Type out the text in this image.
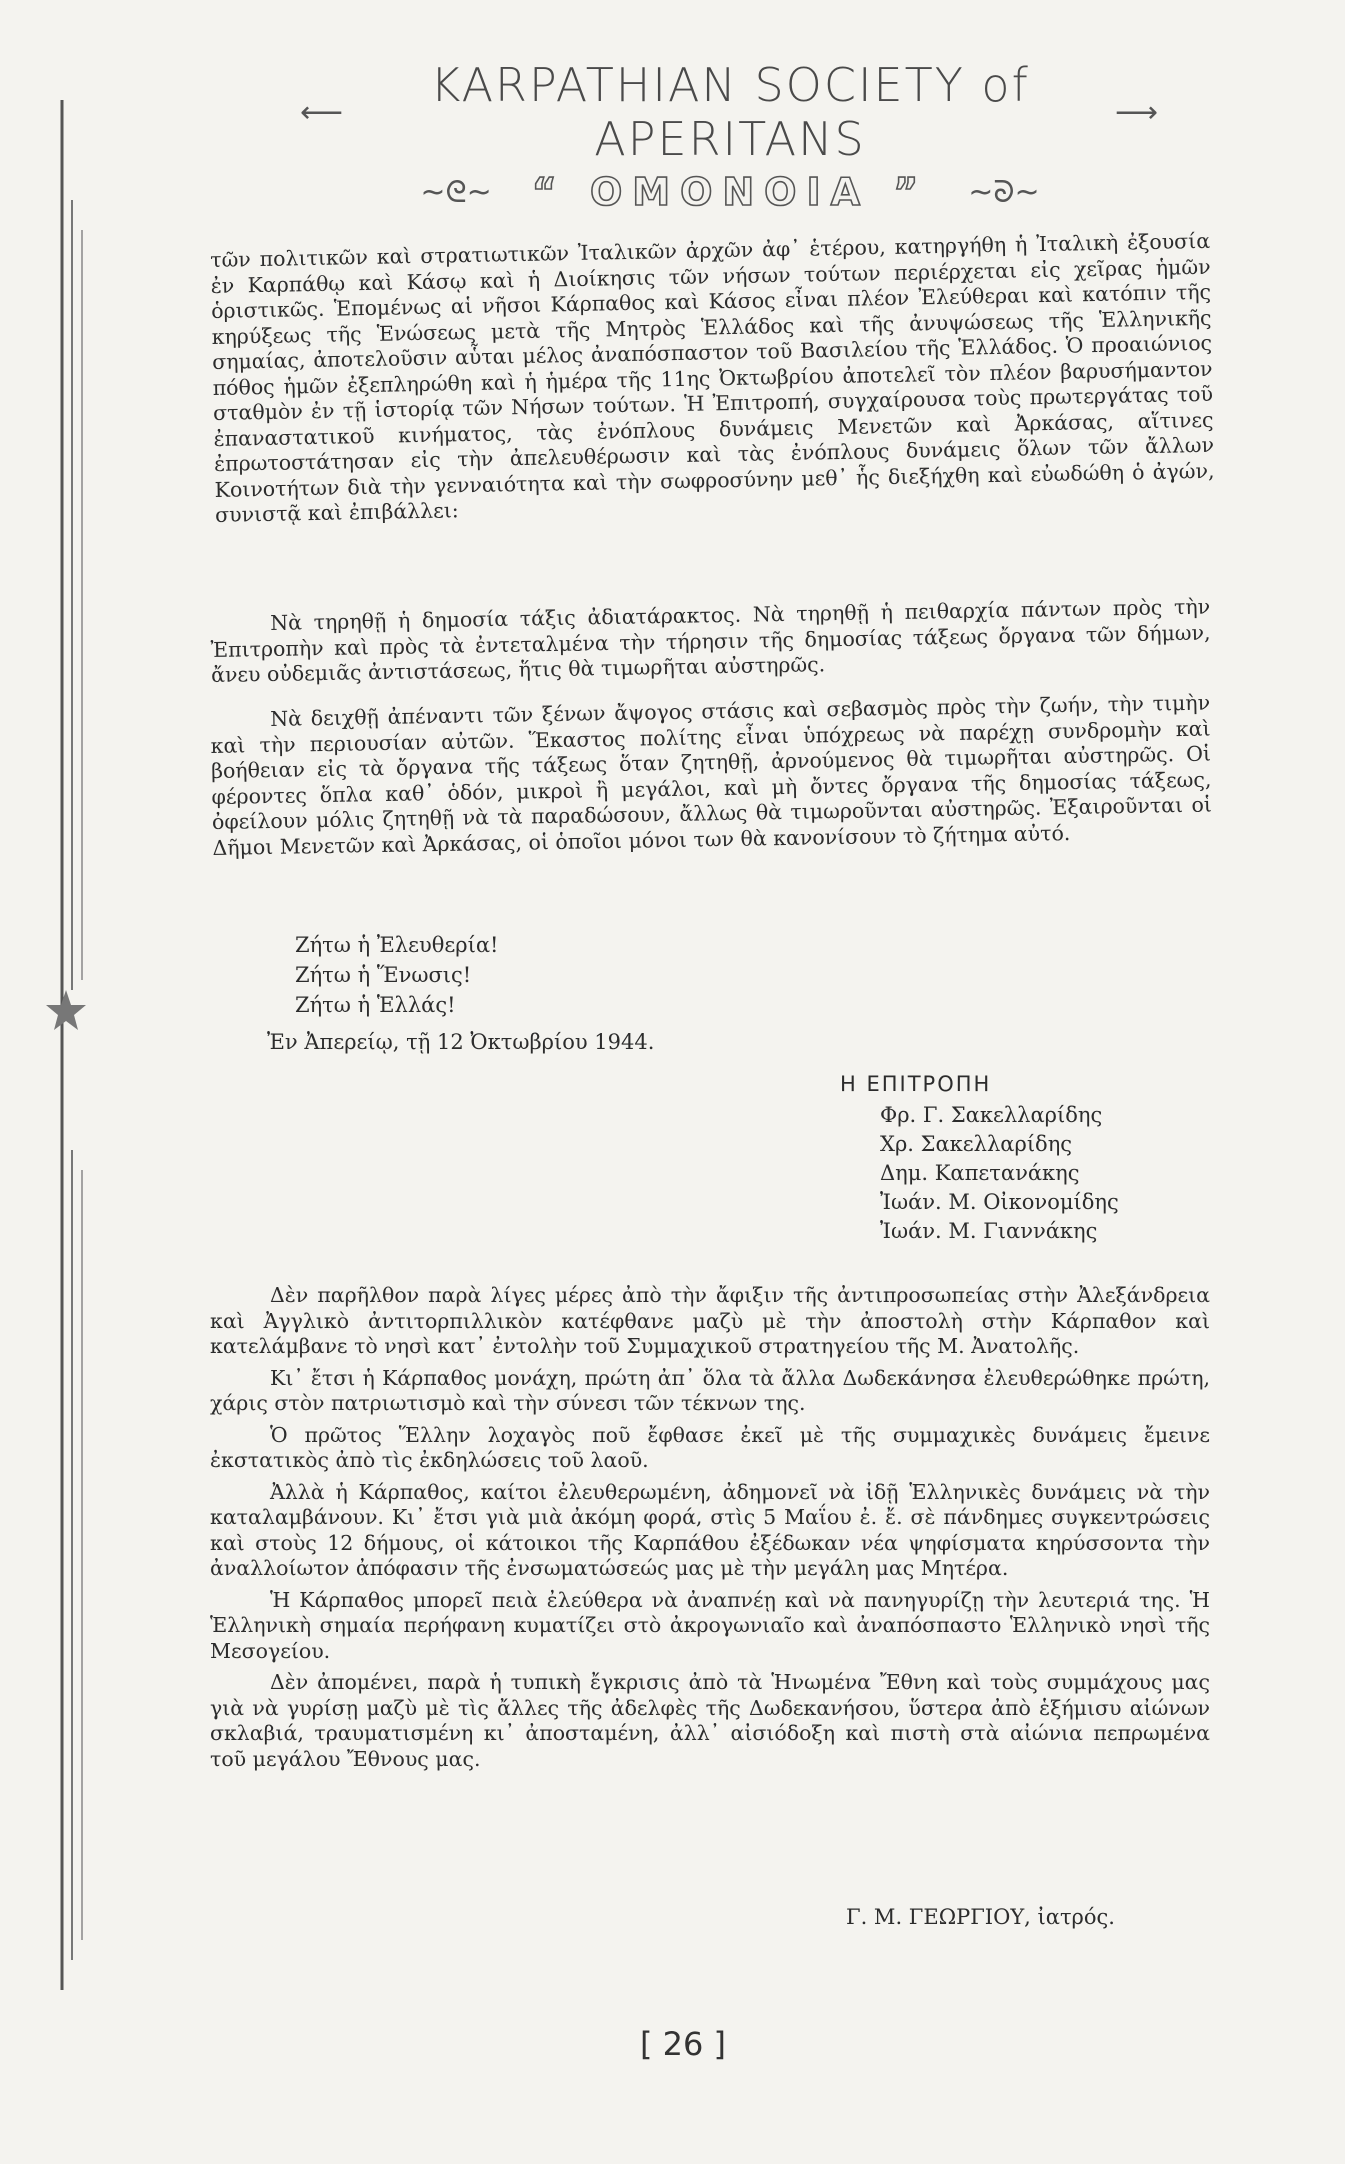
⟵	KARPATHIAN SOCIETY of APERITANS	⟶
~ᘓ~ “ ΟΜΟΝΟΙΑ ” ~ᘐ~

τῶν πολιτικῶν καὶ στρατιωτικῶν Ἰταλικῶν ἀρχῶν ἀφ᾽ ἑτέρου, κατηργήθη ἡ Ἰταλικὴ ἐξουσία ἐν Καρπάθῳ καὶ Κάσῳ καὶ ἡ Διοίκησις τῶν νήσων τούτων περιέρχεται εἰς χεῖρας ἡμῶν ὁριστικῶς. Ἑπομένως αἱ νῆσοι Κάρπαθος καὶ Κάσος εἶναι πλέον Ἐλεύθεραι καὶ κατόπιν τῆς κηρύξεως τῆς Ἑνώσεως μετὰ τῆς Μητρὸς Ἑλλάδος καὶ τῆς ἀνυψώσεως τῆς Ἑλληνικῆς σημαίας, ἀποτελοῦσιν αὗται μέλος ἀναπόσπαστον τοῦ Βασιλείου τῆς Ἑλλάδος. Ὁ προαιώνιος πόθος ἡμῶν ἐξεπληρώθη καὶ ἡ ἡμέρα τῆς 11ης Ὀκτωβρίου ἀποτελεῖ τὸν πλέον βαρυσήμαντον σταθμὸν ἐν τῇ ἱστορίᾳ τῶν Νήσων τούτων. Ἡ Ἐπιτροπή, συγχαίρουσα τοὺς πρωτεργάτας τοῦ ἐπαναστατικοῦ κινήματος, τὰς ἐνόπλους δυνάμεις Μενετῶν καὶ Ἀρκάσας, αἵτινες ἐπρωτοστάτησαν εἰς τὴν ἀπελευθέρωσιν καὶ τὰς ἐνόπλους δυνάμεις ὅλων τῶν ἄλλων Κοινοτήτων διὰ τὴν γενναιότητα καὶ τὴν σωφροσύνην μεθ᾽ ἧς διεξήχθη καὶ εὐωδώθη ὁ ἀγών, συνιστᾷ καὶ ἐπιβάλλει:

Νὰ τηρηθῇ ἡ δημοσία τάξις ἀδιατάρακτος. Νὰ τηρηθῇ ἡ πειθαρχία πάντων πρὸς τὴν Ἐπιτροπὴν καὶ πρὸς τὰ ἐντεταλμένα τὴν τήρησιν τῆς δημοσίας τάξεως ὄργανα τῶν δήμων, ἄνευ οὐδεμιᾶς ἀντιστάσεως, ἥτις θὰ τιμωρῆται αὐστηρῶς.

Νὰ δειχθῇ ἀπέναντι τῶν ξένων ἄψογος στάσις καὶ σεβασμὸς πρὸς τὴν ζωήν, τὴν τιμὴν καὶ τὴν περιουσίαν αὐτῶν. Ἕκαστος πολίτης εἶναι ὑπόχρεως νὰ παρέχῃ συνδρομὴν καὶ βοήθειαν εἰς τὰ ὄργανα τῆς τάξεως ὅταν ζητηθῇ, ἀρνούμενος θὰ τιμωρῆται αὐστηρῶς. Οἱ φέροντες ὅπλα καθ᾽ ὁδόν, μικροὶ ἢ μεγάλοι, καὶ μὴ ὄντες ὄργανα τῆς δημοσίας τάξεως, ὀφείλουν μόλις ζητηθῇ νὰ τὰ παραδώσουν, ἄλλως θὰ τιμωροῦνται αὐστηρῶς. Ἐξαιροῦνται οἱ Δῆμοι Μενετῶν καὶ Ἀρκάσας, οἱ ὁποῖοι μόνοι των θὰ κανονίσουν τὸ ζήτημα αὐτό.

Ζήτω ἡ Ἐλευθερία!
Ζήτω ἡ Ἕνωσις!
Ζήτω ἡ Ἑλλάς!
Ἐν Ἀπερείῳ, τῇ 12 Ὀκτωβρίου 1944.
Η ΕΠΙΤΡΟΠΗ
Φρ. Γ. Σακελλαρίδης
Χρ. Σακελλαρίδης
Δημ. Καπετανάκης
Ἰωάν. Μ. Οἰκονομίδης
Ἰωάν. Μ. Γιαννάκης

Δὲν παρῆλθον παρὰ λίγες μέρες ἀπὸ τὴν ἄφιξιν τῆς ἀντιπροσωπείας στὴν Ἀλεξάνδρεια καὶ Ἀγγλικὸ ἀντιτορπιλλικὸν κατέφθανε μαζὺ μὲ τὴν ἀποστολὴ στὴν Κάρπαθον καὶ κατελάμβανε τὸ νησὶ κατ᾽ ἐντολὴν τοῦ Συμμαχικοῦ στρατηγείου τῆς Μ. Ἀνατολῆς.

Κι᾽ ἔτσι ἡ Κάρπαθος μονάχη, πρώτη ἀπ᾽ ὅλα τὰ ἄλλα Δωδεκάνησα ἐλευθερώθηκε πρώτη, χάρις στὸν πατριωτισμὸ καὶ τὴν σύνεσι τῶν τέκνων της.

Ὁ πρῶτος Ἕλλην λοχαγὸς ποῦ ἔφθασε ἐκεῖ μὲ τῆς συμμαχικὲς δυνάμεις ἔμεινε ἐκστατικὸς ἀπὸ τὶς ἐκδηλώσεις τοῦ λαοῦ.

Ἀλλὰ ἡ Κάρπαθος, καίτοι ἐλευθερωμένη, ἀδημονεῖ νὰ ἰδῇ Ἑλληνικὲς δυνάμεις νὰ τὴν καταλαμβάνουν. Κι᾽ ἔτσι γιὰ μιὰ ἀκόμη φορά, στὶς 5 Μαΐου ἐ. ἔ. σὲ πάνδημες συγκεντρώσεις καὶ στοὺς 12 δήμους, οἱ κάτοικοι τῆς Καρπάθου ἐξέδωκαν νέα ψηφίσματα κηρύσσοντα τὴν ἀναλλοίωτον ἀπόφασιν τῆς ἐνσωματώσεώς μας μὲ τὴν μεγάλη μας Μητέρα.

Ἡ Κάρπαθος μπορεῖ πειὰ ἐλεύθερα νὰ ἀναπνέῃ καὶ νὰ πανηγυρίζῃ τὴν λευτεριά της. Ἡ Ἑλληνικὴ σημαία περήφανη κυματίζει στὸ ἀκρογωνιαῖο καὶ ἀναπόσπαστο Ἑλληνικὸ νησὶ τῆς Μεσογείου.

Δὲν ἀπομένει, παρὰ ἡ τυπικὴ ἔγκρισις ἀπὸ τὰ Ἡνωμένα Ἔθνη καὶ τοὺς συμμάχους μας γιὰ νὰ γυρίσῃ μαζὺ μὲ τὶς ἄλλες τῆς ἀδελφὲς τῆς Δωδεκανήσου, ὕστερα ἀπὸ ἑξήμισυ αἰώνων σκλαβιά, τραυματισμένη κι᾽ ἀποσταμένη, ἀλλ᾽ αἰσιόδοξη καὶ πιστὴ στὰ αἰώνια πεπρωμένα τοῦ μεγάλου Ἔθνους μας.

Γ. Μ. ΓΕΩΡΓΙΟΥ, ἰατρός.
[ 26 ]
